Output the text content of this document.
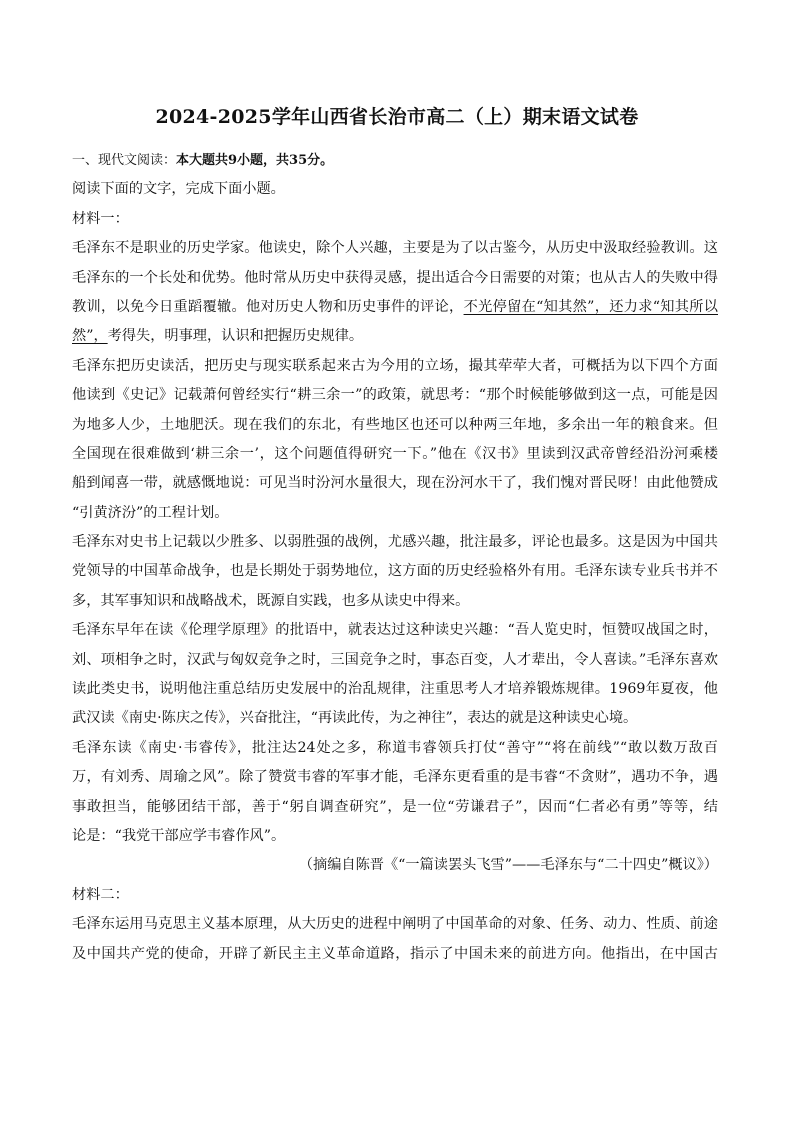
2024-2025学年山西省长治市高二（上）期末语文试卷
一、现代文阅读：本大题共9小题，共35分。
阅读下面的文字，完成下面小题。
材料一：
毛泽东不是职业的历史学家。他读史，除个人兴趣，主要是为了以古鉴今，从历史中汲取经验教训。这
毛泽东的一个长处和优势。他时常从历史中获得灵感，提出适合今日需要的对策；也从古人的失败中得
教训，以免今日重蹈覆辙。他对历史人物和历史事件的评论，不光停留在“知其然”，还力求“知其所以
然”，考得失，明事理，认识和把握历史规律。
毛泽东把历史读活，把历史与现实联系起来古为今用的立场，撮其荦荦大者，可概括为以下四个方面
他读到《史记》记载萧何曾经实行“耕三余一”的政策，就思考：“那个时候能够做到这一点，可能是因
为地多人少，土地肥沃。现在我们的东北，有些地区也还可以种两三年地，多余出一年的粮食来。但
全国现在很难做到‘耕三余一’，这个问题值得研究一下。”他在《汉书》里读到汉武帝曾经沿汾河乘楼
船到闻喜一带，就感慨地说：可见当时汾河水量很大，现在汾河水干了，我们愧对晋民呀！由此他赞成
“引黄济汾”的工程计划。
毛泽东对史书上记载以少胜多、以弱胜强的战例，尤感兴趣，批注最多，评论也最多。这是因为中国共
党领导的中国革命战争，也是长期处于弱势地位，这方面的历史经验格外有用。毛泽东读专业兵书并不
多，其军事知识和战略战术，既源自实践，也多从读史中得来。
毛泽东早年在读《伦理学原理》的批语中，就表达过这种读史兴趣：“吾人览史时，恒赞叹战国之时，
刘、项相争之时，汉武与匈奴竞争之时，三国竞争之时，事态百变，人才辈出，令人喜读。”毛泽东喜欢
读此类史书，说明他注重总结历史发展中的治乱规律，注重思考人才培养锻炼规律。1969年夏夜，他
武汉读《南史·陈庆之传》，兴奋批注，“再读此传，为之神往”，表达的就是这种读史心境。
毛泽东读《南史·韦睿传》，批注达24处之多，称道韦睿领兵打仗“善守”“将在前线”“敢以数万敌百
万，有刘秀、周瑜之风”。除了赞赏韦睿的军事才能，毛泽东更看重的是韦睿“不贪财”，遇功不争，遇
事敢担当，能够团结干部，善于“躬自调查研究”，是一位“劳谦君子”，因而“仁者必有勇”等等，结
论是：“我党干部应学韦睿作风”。
（摘编自陈晋《“一篇读罢头飞雪”——毛泽东与“二十四史”概议》）
材料二：
毛泽东运用马克思主义基本原理，从大历史的进程中阐明了中国革命的对象、任务、动力、性质、前途
及中国共产党的使命，开辟了新民主主义革命道路，指示了中国未来的前进方向。他指出，在中国古
